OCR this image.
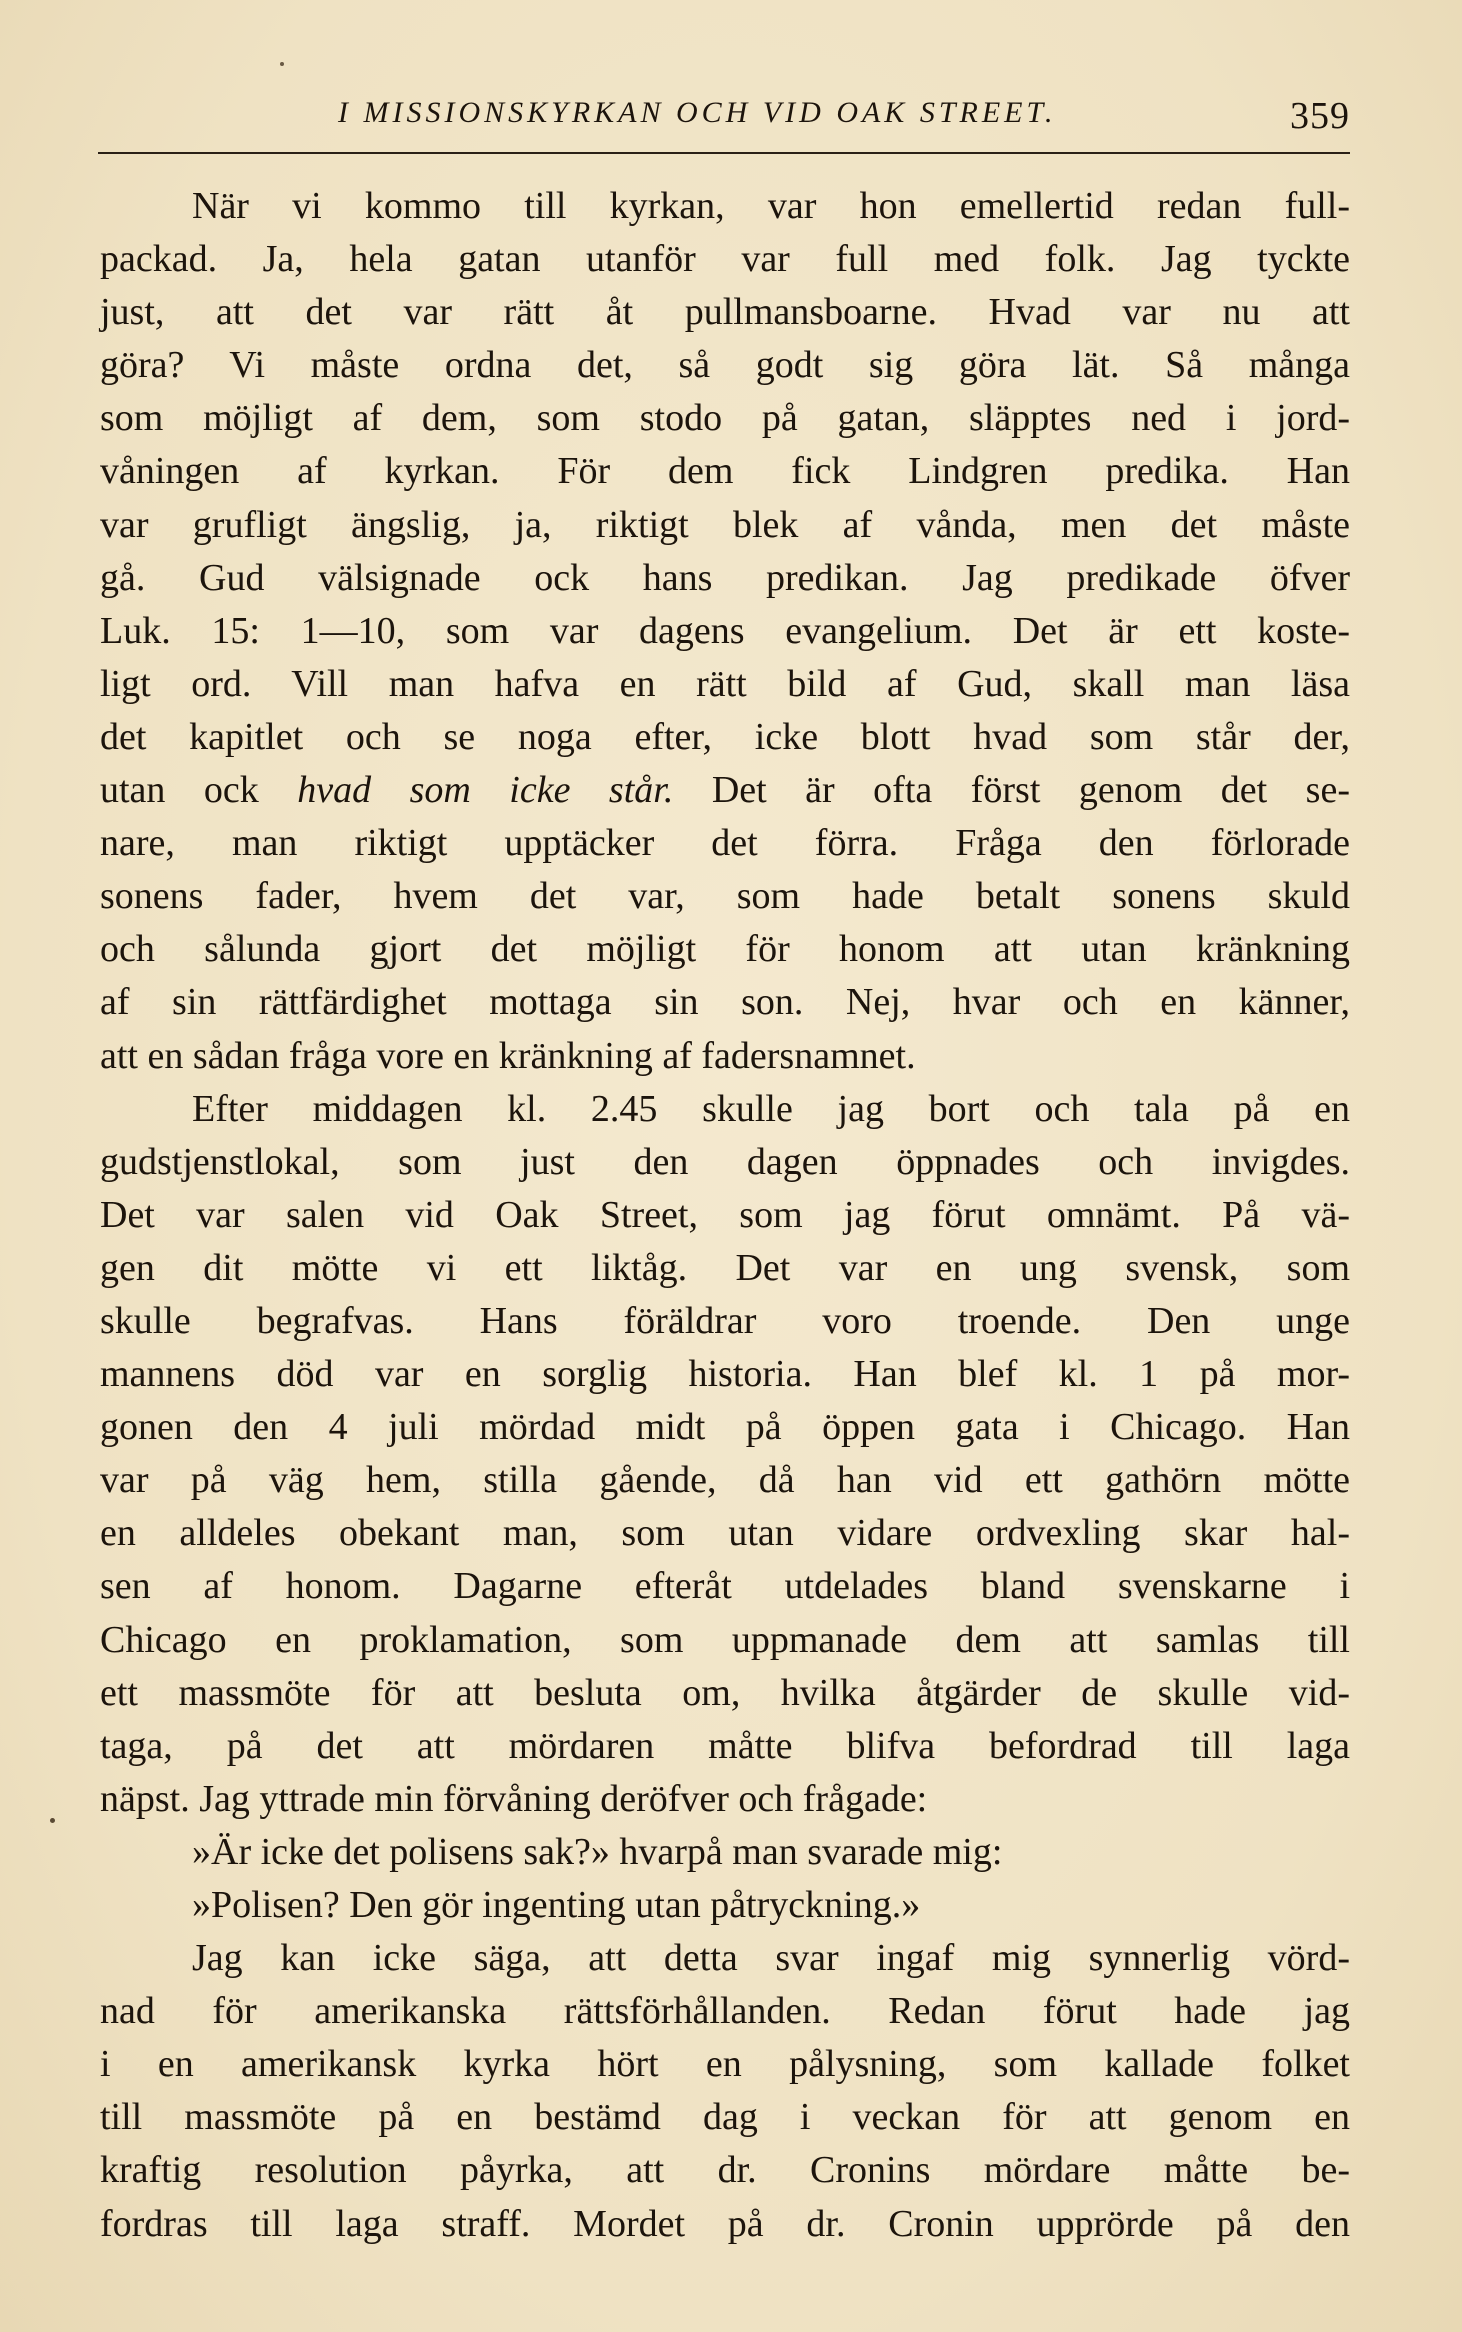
I MISSIONSKYRKAN OCH VID OAK STREET.	359
När vi kommo till kyrkan, var hon emellertid redan full-
packad. Ja, hela gatan utanför var full med folk. Jag tyckte
just, att det var rätt åt pullmansboarne. Hvad var nu att
göra? Vi måste ordna det, så godt sig göra lät. Så många
som möjligt af dem, som stodo på gatan, släpptes ned i jord-
våningen af kyrkan. För dem fick Lindgren predika. Han
var grufligt ängslig, ja, riktigt blek af vånda, men det måste
gå. Gud välsignade ock hans predikan. Jag predikade öfver
Luk. 15: 1—10, som var dagens evangelium. Det är ett koste-
ligt ord. Vill man hafva en rätt bild af Gud, skall man läsa
det kapitlet och se noga efter, icke blott hvad som står der,
utan ock hvad som icke står. Det är ofta först genom det se-
nare, man riktigt upptäcker det förra. Fråga den förlorade
sonens fader, hvem det var, som hade betalt sonens skuld
och sålunda gjort det möjligt för honom att utan kränkning
af sin rättfärdighet mottaga sin son. Nej, hvar och en känner,
att en sådan fråga vore en kränkning af fadersnamnet.
Efter middagen kl. 2.45 skulle jag bort och tala på en
gudstjenstlokal, som just den dagen öppnades och invigdes.
Det var salen vid Oak Street, som jag förut omnämt. På vä-
gen dit mötte vi ett liktåg. Det var en ung svensk, som
skulle begrafvas. Hans föräldrar voro troende. Den unge
mannens död var en sorglig historia. Han blef kl. 1 på mor-
gonen den 4 juli mördad midt på öppen gata i Chicago. Han
var på väg hem, stilla gående, då han vid ett gathörn mötte
en alldeles obekant man, som utan vidare ordvexling skar hal-
sen af honom. Dagarne efteråt utdelades bland svenskarne i
Chicago en proklamation, som uppmanade dem att samlas till
ett massmöte för att besluta om, hvilka åtgärder de skulle vid-
taga, på det att mördaren måtte blifva befordrad till laga
näpst. Jag yttrade min förvåning deröfver och frågade:
»Är icke det polisens sak?» hvarpå man svarade mig:
»Polisen? Den gör ingenting utan påtryckning.»
Jag kan icke säga, att detta svar ingaf mig synnerlig vörd-
nad för amerikanska rättsförhållanden. Redan förut hade jag
i en amerikansk kyrka hört en pålysning, som kallade folket
till massmöte på en bestämd dag i veckan för att genom en
kraftig resolution påyrka, att dr. Cronins mördare måtte be-
fordras till laga straff. Mordet på dr. Cronin upprörde på den
